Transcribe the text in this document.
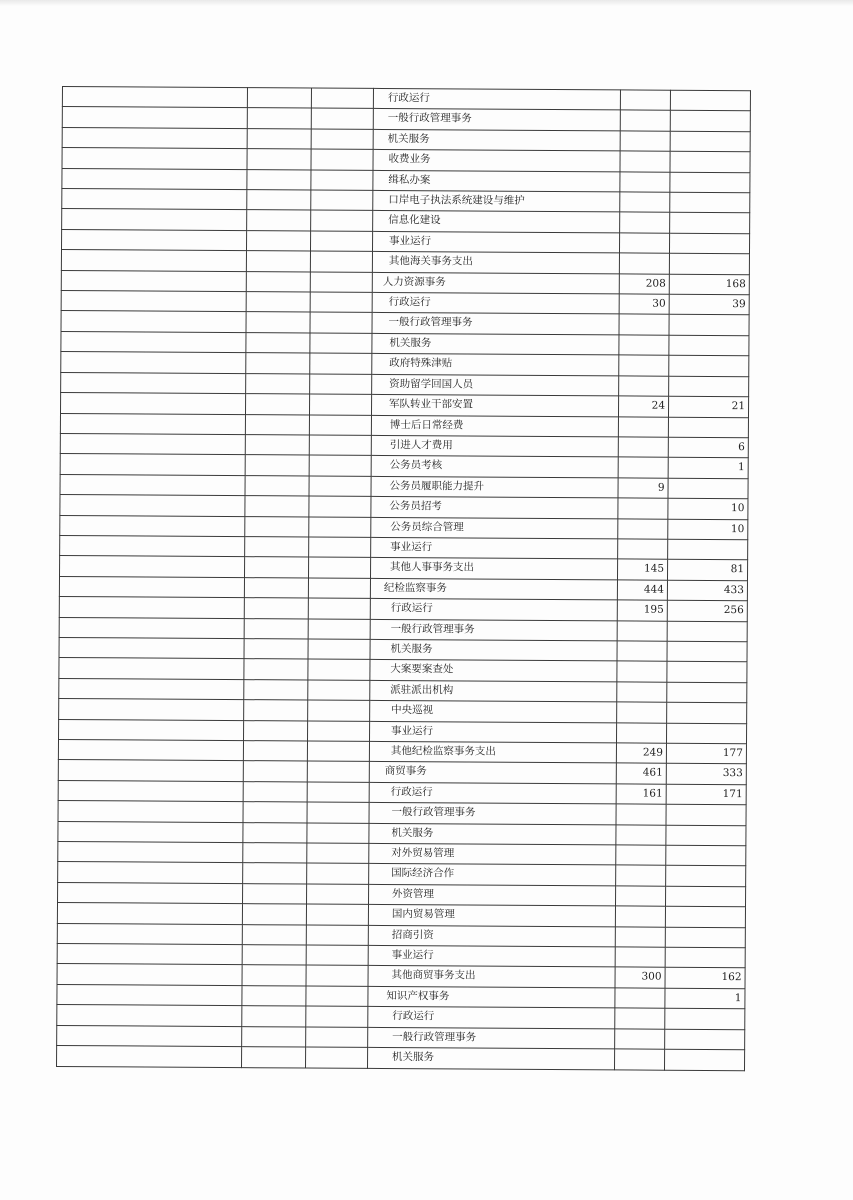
			行政运行		
			一般行政管理事务		
			机关服务		
			收费业务		
			缉私办案		
			口岸电子执法系统建设与维护		
			信息化建设		
			事业运行		
			其他海关事务支出		
			人力资源事务	208	168
			行政运行	30	39
			一般行政管理事务		
			机关服务		
			政府特殊津贴		
			资助留学回国人员		
			军队转业干部安置	24	21
			博士后日常经费		
			引进人才费用		6
			公务员考核		1
			公务员履职能力提升	9	
			公务员招考		10
			公务员综合管理		10
			事业运行		
			其他人事事务支出	145	81
			纪检监察事务	444	433
			行政运行	195	256
			一般行政管理事务		
			机关服务		
			大案要案查处		
			派驻派出机构		
			中央巡视		
			事业运行		
			其他纪检监察事务支出	249	177
			商贸事务	461	333
			行政运行	161	171
			一般行政管理事务		
			机关服务		
			对外贸易管理		
			国际经济合作		
			外资管理		
			国内贸易管理		
			招商引资		
			事业运行		
			其他商贸事务支出	300	162
			知识产权事务		1
			行政运行		
			一般行政管理事务		
			机关服务		
